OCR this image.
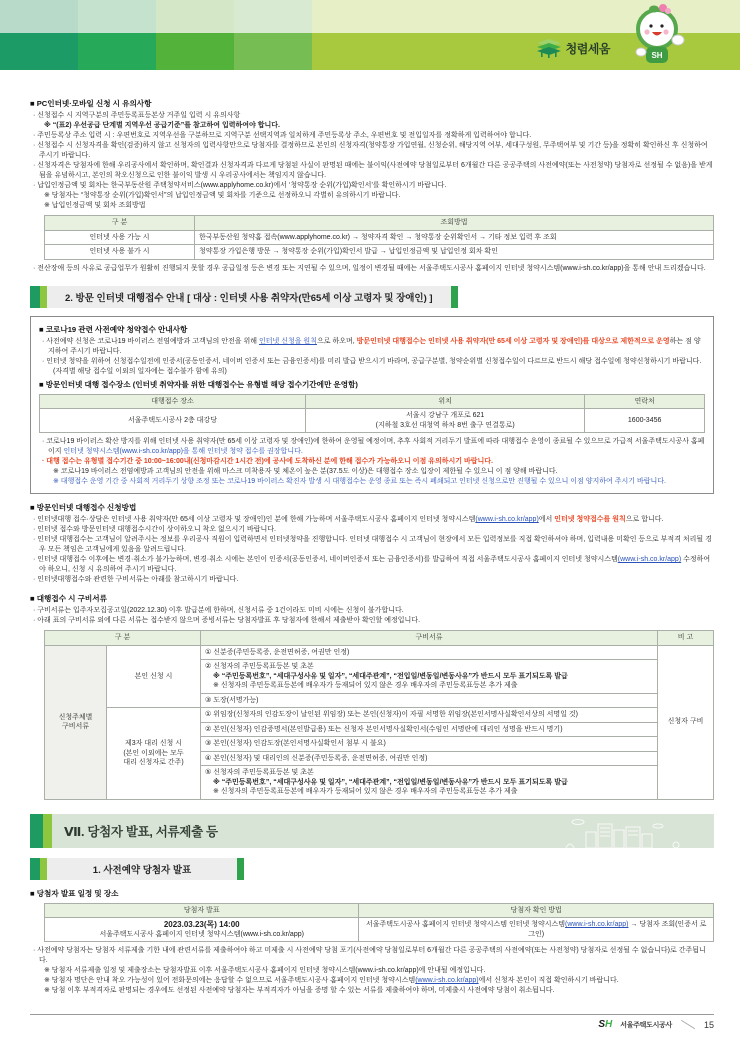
청렴세움	SH
■ PC인터넷·모바일 신청 시 유의사항
· 신청접수 시 지역구분의 주민등록표등본상 거주일 입력 시 유의사항
※ “(표2) 우선공급 단계별 지역우선 공급기준”를 참고하여 입력하여야 합니다.
· 주민등록상 주소 입력 시 : 우편번호로 지역우선을 구분하므로 지역구분 선택지역과 일치하게 주민등록상 주소, 우편번호 및 전입일자를 정확하게 입력하여야 합니다.
· 신청접수 시 신청자격을 확인(검증)하지 않고 신청자의 입력사항만으로 당첨자를 결정하므로 본인의 신청자격(청약통장 가입연월, 신청순위, 해당지역 여부, 세대구성원, 무주택여부 및 기간 등)을 정확히 확인하신 후 신청하여 주시기 바랍니다.
· 신청자격은 당첨자에 한해 우리공사에서 확인하며, 확인결과 신청자격과 다르게 당첨된 사실이 판명된 때에는 불이익(사전예약 당첨일로부터 6개월간 다른 공공주택의 사전예약(또는 사전청약) 당첨자로 선정될 수 없음)을 받게 됨을 유념하시고, 본인의 착오신청으로 인한 불이익 발생 시 우리공사에서는 책임지지 않습니다.
· 납입인정금액 및 회차는 한국부동산원 주택청약서비스(www.applyhome.co.kr)에서 ‘청약통장 순위(가입)확인서’를 확인하시기 바랍니다.
※ 당첨자는 “청약통장 순위(가입)확인서”의 납입인정금액 및 회차를 기준으로 선정하오니 각별히 유의하시기 바랍니다.
※ 납입인정금액 및 회차 조회방법
구 분	조회방법
인터넷 사용 가능 시	한국부동산원 청약홈 접속(www.applyhome.co.kr) → 청약자격 확인 → 청약통장 순위확인서 → 기타 정보 입력 후 조회
인터넷 사용 불가 시	청약통장 가입은행 방문 → 청약통장 순위(가입)확인서 발급 → 납입인정금액 및 납입인정 회차 확인
· 전산장애 등의 사유로 공급업무가 원활히 진행되지 못할 경우 공급일정 등은 변경 또는 지연될 수 있으며, 일정이 변경될 때에는 서울주택도시공사 홈페이지 인터넷 청약시스템(www.i-sh.co.kr/app)을 통해 안내 드리겠습니다.
2. 방문 인터넷 대행접수 안내 [ 대상 : 인터넷 사용 취약자(만65세 이상 고령자 및 장애인) ]
■ 코로나19 관련 사전예약 청약접수 안내사항
· 사전예약 신청은 코로나19 바이러스 전염예방과 고객님의 안전을 위해 인터넷 신청을 원칙으로 하오며, 방문인터넷 대행접수는 인터넷 사용 취약자(만 65세 이상 고령자 및 장애인)를 대상으로 제한적으로 운영하는 점 양지하여 주시기 바랍니다.
· 인터넷 청약을 위하여 신청접수일전에 인증서(공동인증서, 네이버 인증서 또는 금융인증서)를 미리 발급 받으시기 바라며, 공급구분별, 청약순위별 신청접수일이 다르므로 반드시 해당 접수일에 청약신청하시기 바랍니다.
(자격별 해당 접수일 이외의 일자에는 접수불가 함에 유의)
■ 방문인터넷 대행 접수장소 (인터넷 취약자를 위한 대행접수는 유형별 해당 접수기간에만 운영함)
대행접수 장소	위치	연락처
서울주택도시공사 2층 대강당	서울시 강남구 개포로 621
(지하철 3호선 대청역 하차 8번 출구 연결통로)	1600-3456
· 코로나19 바이러스 확산 방지를 위해 인터넷 사용 취약자(만 65세 이상 고령자 및 장애인)에 한하여 운영될 예정이며, 추후 사회적 거리두기 발표에 따라 대행접수 운영이 종료될 수 있으므로 가급적 서울주택도시공사 홈페이지 인터넷 청약시스템(www.i-sh.co.kr/app)을 통해 인터넷 청약 접수를 권장합니다.
· 대행 접수는 유형별 접수기간 중 10:00~16:00내(신청마감시간 1시간 전)에 공사에 도착하신 분에 한해 접수가 가능하오니 이점 유의하시기 바랍니다.
※ 코로나19 바이러스 전염예방과 고객님의 안전을 위해 마스크 미착용자 및 체온이 높은 분(37.5도 이상)은 대행접수 장소 입장이 제한될 수 있으니 이 점 양해 바랍니다.
※ 대행접수 운영 기간 중 사회적 거리두기 상향 조정 또는 코로나19 바이러스 확진자 발생 시 대행접수는 운영 종료 또는 즉시 폐쇄되고 인터넷 신청으로만 진행될 수 있으니 이점 양지하여 주시기 바랍니다.
■ 방문인터넷 대행접수 신청방법
· 인터넷대행 접수·상담은 인터넷 사용 취약자(만 65세 이상 고령자 및 장애인)인 분에 한해 가능하며 서울주택도시공사 홈페이지 인터넷 청약시스템(www.i-sh.co.kr/app)에서 인터넷 청약접수를 원칙으로 합니다.
· 인터넷 접수와 방문인터넷 대행접수시간이 상이하오니 착오 없으시기 바랍니다.
· 인터넷 대행접수는 고객님이 알려주시는 정보를 우리공사 직원이 입력하면서 인터넷청약을 진행합니다. 인터넷 대행접수 시 고객님이 현장에서 모든 입력정보를 직접 확인하셔야 하며, 입력내용 미확인 등으로 부적격 처리될 경우 모든 책임은 고객님에게 있음을 알려드립니다.
· 인터넷 대행접수 이후에는 변경·취소가 불가능하며, 변경·취소 시에는 본인이 인증서(공동인증서, 네이버인증서 또는 금융인증서)를 발급하여 직접 서울주택도시공사 홈페이지 인터넷 청약시스템(www.i-sh.co.kr/app) 수정하여야 하오니, 신청 시 유의하여 주시기 바랍니다.
· 인터넷대행접수와 관련한 구비서류는 아래를 참고하시기 바랍니다.
■ 대행접수 시 구비서류
· 구비서류는 입주자모집공고일(2022.12.30) 이후 발급분에 한하며, 신청서류 중 1건이라도 미비 시에는 신청이 불가합니다.
· 아래 표의 구비서류 외에 다른 서류는 접수받지 않으며 증빙서류는 당첨자발표 후 당첨자에 한해서 제출받아 확인할 예정입니다.
구 분		구비서류	비 고

신청주체별
구비서류	본인 신청 시	① 신분증(주민등록증, 운전면허증, 여권만 인정)	신청자 구비

		② 신청자의 주민등록표등본 및 초본
※ “주민등록번호”, “세대구성사유 및 일자”, “세대주관계”, “전입일/변동일/변동사유”가 반드시 모두 표기되도록 발급
※ 신청자의 주민등록표등본에 배우자가 등재되어 있지 않은 경우 배우자의 주민등록표등본 추가 제출	

		③ 도장(서명가능)	

	제3자 대리 신청 시
(본인 이외에는 모두
대리 신청자로 간주)	① 위임장(신청자의 인감도장이 날인된 위임장) 또는 본인(신청자)이 자필 서명한 위임장(본인서명사실확인서상의 서명일 것)	
		② 본인(신청자) 인감증명서(본인발급용) 또는 신청자 본인서명사실확인서(수임인 서명란에 대리인 성명을 반드시 명기)	
		③ 본인(신청자) 인감도장(본인서명사실확인서 첨부 시 불요)	
		④ 본인(신청자) 및 대리인의 신분증(주민등록증, 운전면허증, 여권만 인정)	

		⑤ 신청자의 주민등록표등본 및 초본
※ “주민등록번호”, “세대구성사유 및 일자”, “세대주관계”, “전입일/변동일/변동사유”가 반드시 모두 표기되도록 발급
※ 신청자의 주민등록표등본에 배우자가 등재되어 있지 않은 경우 배우자의 주민등록표등본 추가 제출	
Ⅶ. 당첨자 발표, 서류제출 등
1. 사전예약 당첨자 발표
■ 당첨자 발표 일정 및 장소
당첨자 발표	당첨자 확인 방법

2023.03.23(목) 14:00
서울주택도시공사 홈페이지 인터넷 청약시스템(www.i-sh.co.kr/app)	서울주택도시공사 홈페이지 인터넷 청약시스템 인터넷 청약시스템(www.i-sh.co.kr/app) → 당첨자 조회(인증서 로그인)
· 사전예약 당첨자는 당첨자 서류제출 기한 내에 관련서류를 제출하여야 하고 미제출 시 사전예약 당첨 포기(사전예약 당첨일로부터 6개월간 다른 공공주택의 사전예약(또는 사전청약) 당첨자로 선정될 수 없습니다)로 간주됩니다.
※ 당첨자 서류제출 일정 및 제출장소는 당첨자발표 이후 서울주택도시공사 홈페이지 인터넷 청약시스템(www.i-sh.co.kr/app)에 안내될 예정입니다.
※ 당첨자 명단은 안내 착오 가능성이 있어 전화문의에는 응답할 수 없으므로 서울주택도시공사 홈페이지 인터넷 청약시스템(www.i-sh.co.kr/app)에서 신청자 본인이 직접 확인하시기 바랍니다.
※ 당첨 이후 부적격자로 판명되는 경우에도 선정된 사전예약 당첨자는 부적격자가 아님을 증명 할 수 있는 서류를 제출하여야 하며, 미제출시 사전예약 당첨이 취소됩니다.
SH 서울주택도시공사	15
